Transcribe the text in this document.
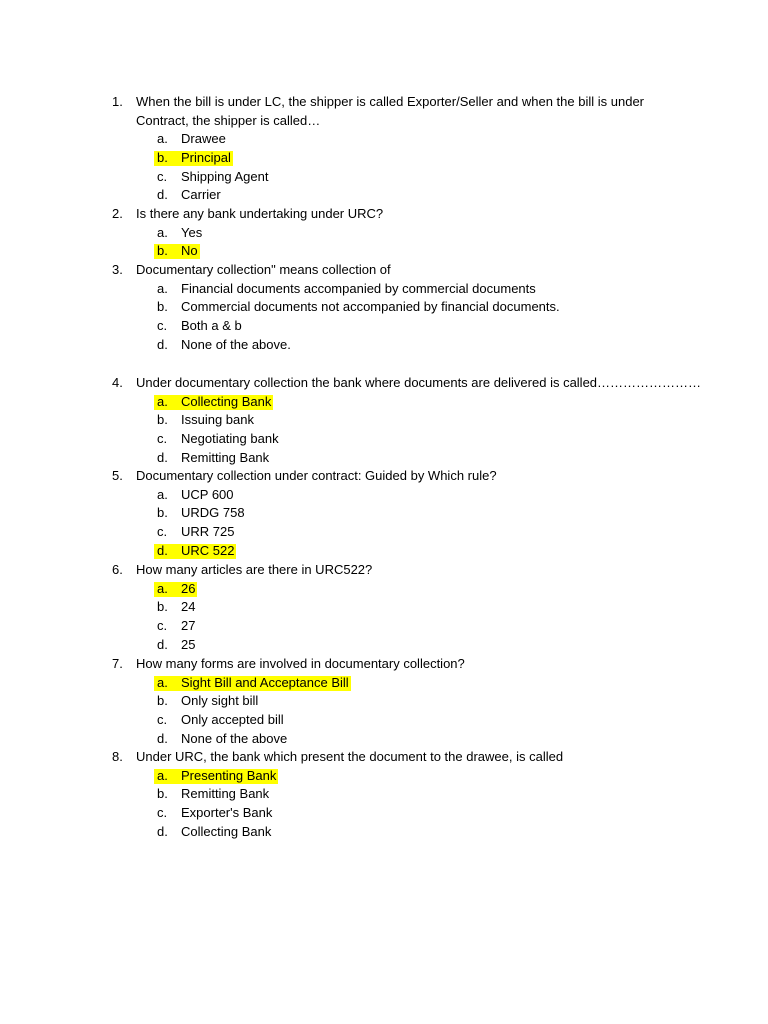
1. When the bill is under LC, the shipper is called Exporter/Seller and when the bill is under Contract, the shipper is called…
a. Drawee
b. Principal
c. Shipping Agent
d. Carrier
2. Is there any bank undertaking under URC?
a. Yes
b. No
3. Documentary collection" means collection of
a. Financial documents accompanied by commercial documents
b. Commercial documents not accompanied by financial documents.
c. Both a & b
d. None of the above.
4. Under documentary collection the bank where documents are delivered is called……………………
a. Collecting Bank
b. Issuing bank
c. Negotiating bank
d. Remitting Bank
5. Documentary collection under contract: Guided by Which rule?
a. UCP 600
b. URDG 758
c. URR 725
d. URC 522
6. How many articles are there in URC522?
a. 26
b. 24
c. 27
d. 25
7. How many forms are involved in documentary collection?
a. Sight Bill and Acceptance Bill
b. Only sight bill
c. Only accepted bill
d. None of the above
8. Under URC, the bank which present the document to the drawee, is called
a. Presenting Bank
b. Remitting Bank
c. Exporter's Bank
d. Collecting Bank
